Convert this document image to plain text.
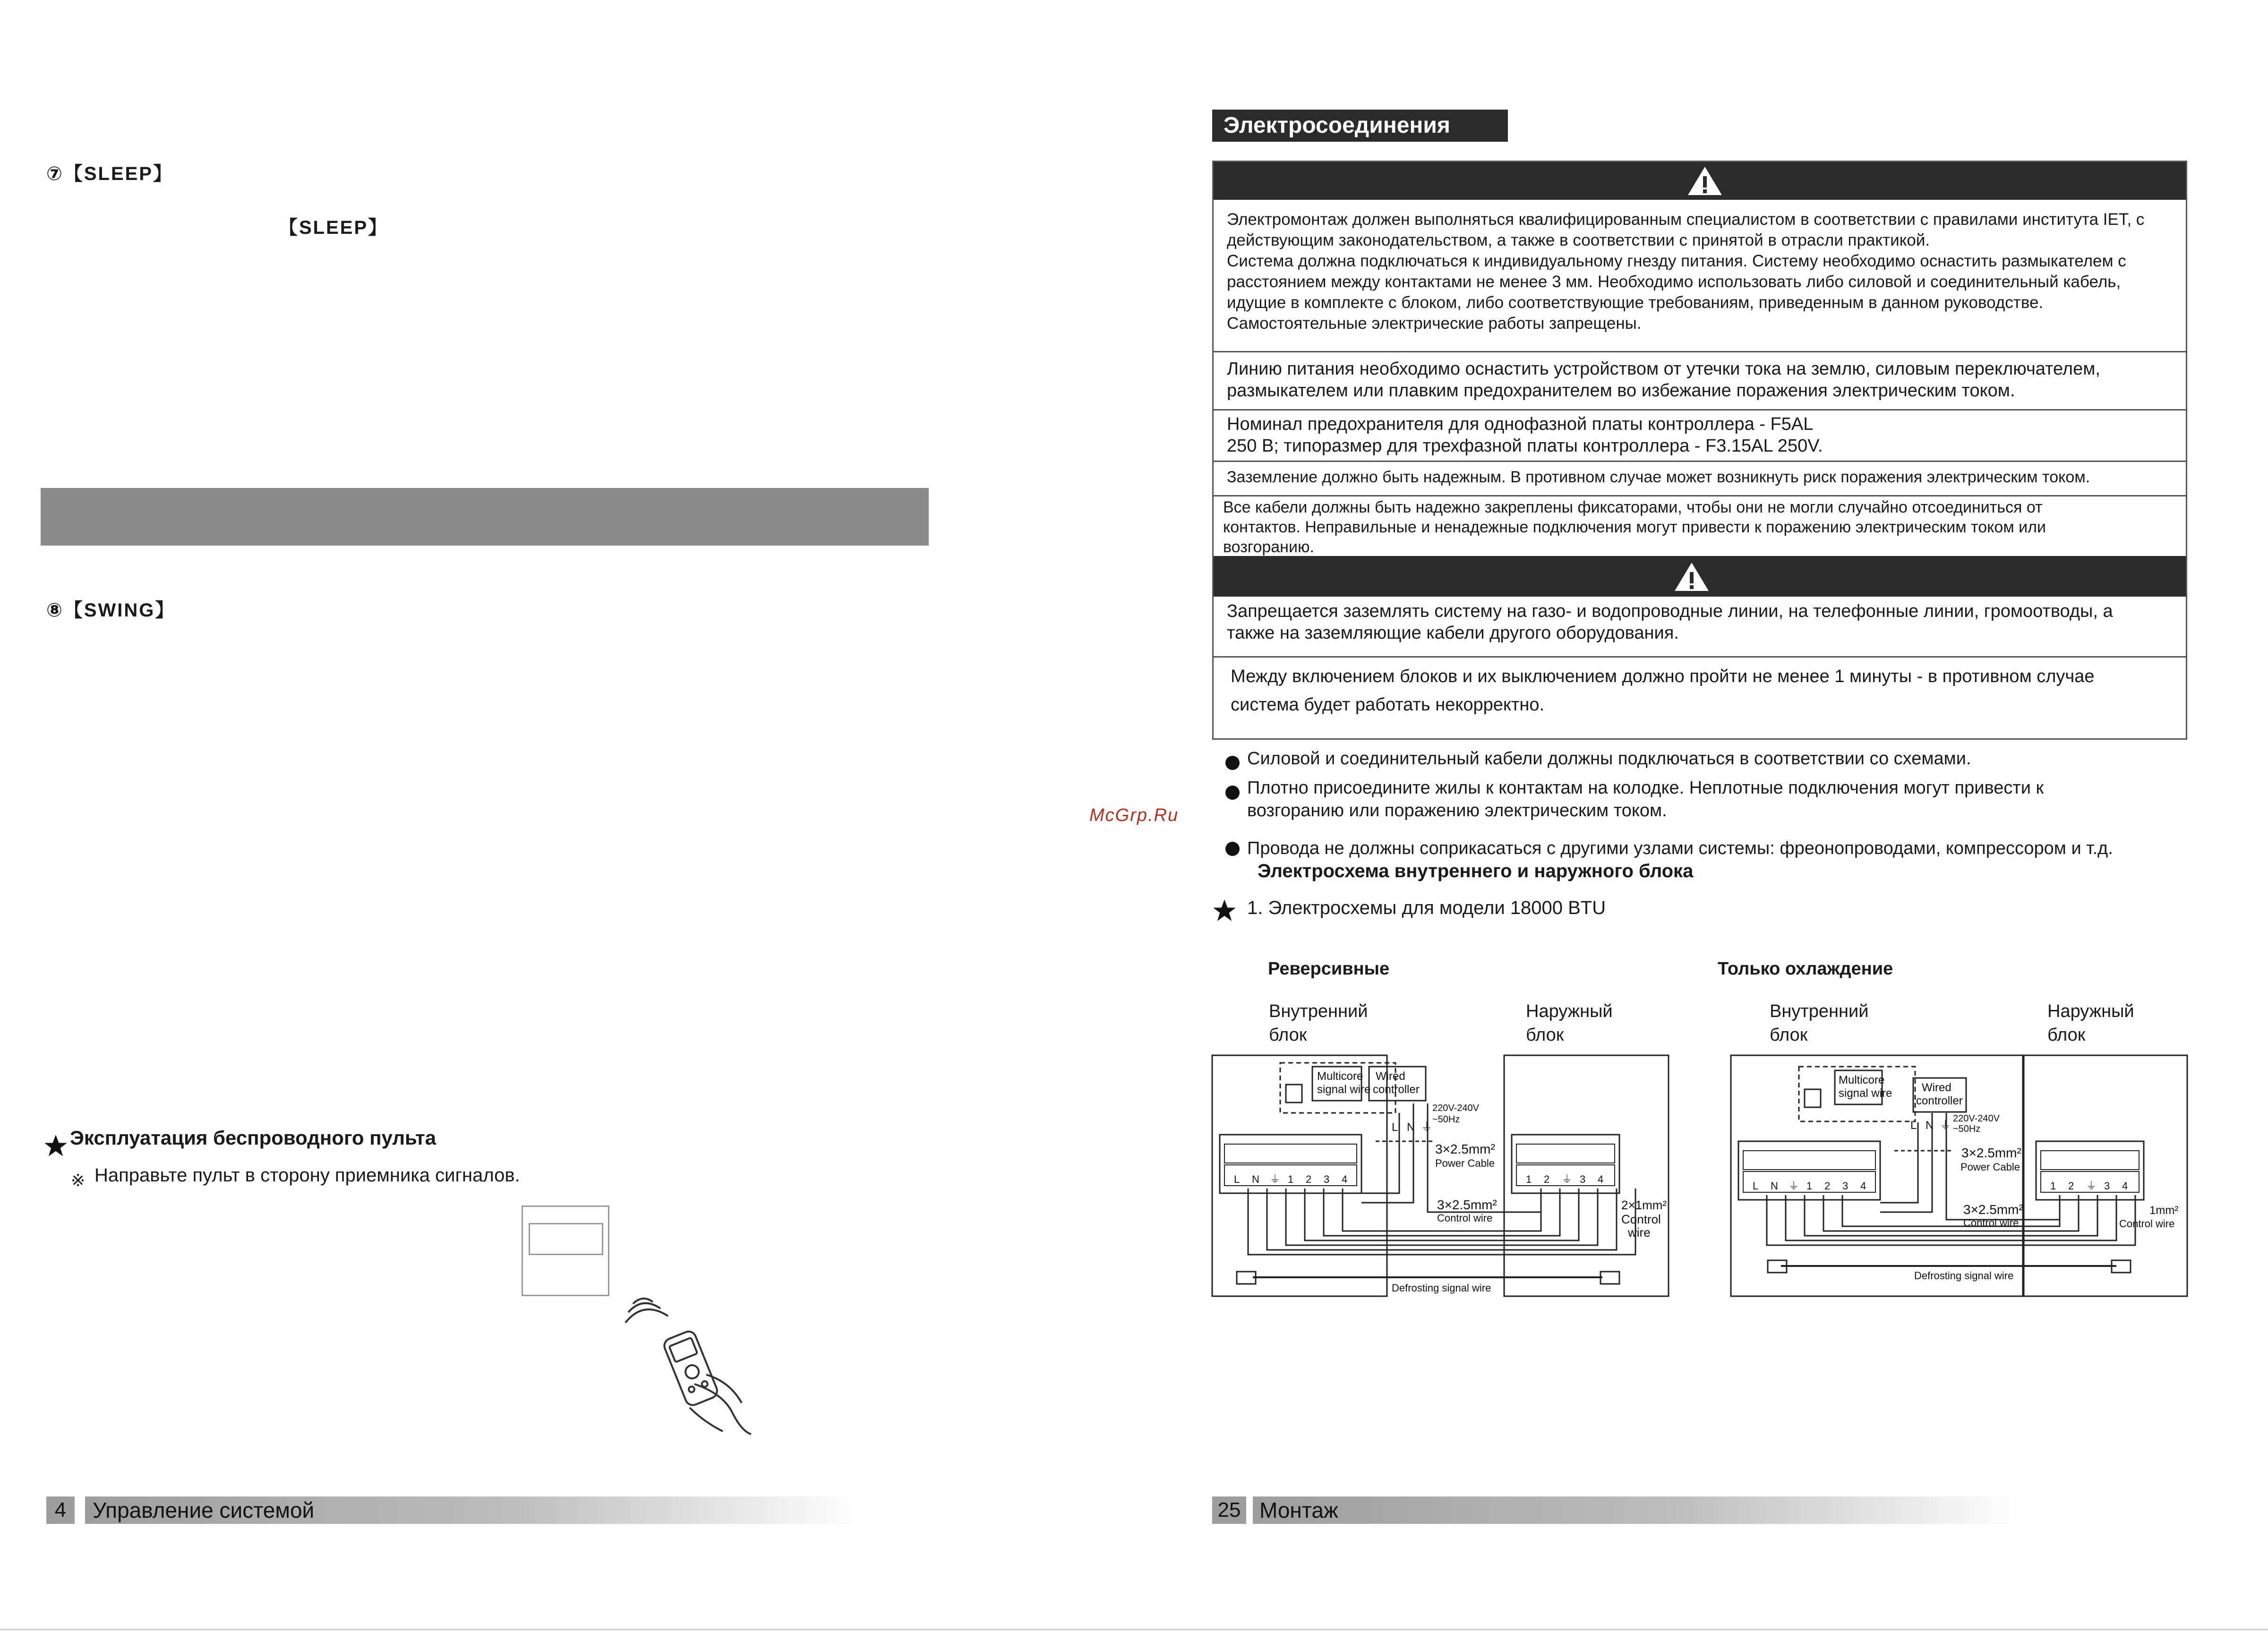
⑦【SLEEP】
【SLEEP】
⑧【SWING】
Эксплуатация беспроводного пульта
※ Направьте пульт в сторону приемника сигналов.
4	Управление системой
McGrp.Ru
Электросоединения
Электромонтаж должен выполняться квалифицированным специалистом в соответствии с правилами института IET, с
действующим законодательством, а также в соответствии с принятой в отрасли практикой.
Система должна подключаться к индивидуальному гнезду питания. Систему необходимо оснастить размыкателем с
расстоянием между контактами не менее 3 мм. Необходимо использовать либо силовой и соединительный кабель,
идущие в комплекте с блоком, либо соответствующие требованиям, приведенным в данном руководстве.
Самостоятельные электрические работы запрещены.
Линию питания необходимо оснастить устройством от утечки тока на землю, силовым переключателем,
размыкателем или плавким предохранителем во избежание поражения электрическим током.
Номинал предохранителя для однофазной платы контроллера - F5AL
250 В; типоразмер для трехфазной платы контроллера - F3.15AL 250V.
Заземление должно быть надежным. В противном случае может возникнуть риск поражения электрическим током.
Все кабели должны быть надежно закреплены фиксаторами, чтобы они не могли случайно отсоединиться от
контактов. Неправильные и ненадежные подключения могут привести к поражению электрическим током или
возгоранию.
Запрещается заземлять систему на газо- и водопроводные линии, на телефонные линии, громоотводы, а
также на заземляющие кабели другого оборудования.
Между включением блоков и их выключением должно пройти не менее 1 минуты - в противном случае
система будет работать некорректно.
Силовой и соединительный кабели должны подключаться в соответствии со схемами.
Плотно присоедините жилы к контактам на колодке. Неплотные подключения могут привести к
возгоранию или поражению электрическим током.
Провода не должны соприкасаться с другими узлами системы: фреонопроводами, компрессором и т.д.
Электросхема внутреннего и наружного блока
1. Электросхемы для модели 18000 BTU
Реверсивные
Внутренний
блок
Наружный
блок
Multicore
signal wire
Wired
controller
220V-240V
~50Hz
L N ⏚
3×2.5mm²
Power Cable
3×2.5mm²
Control wire
2×1mm²
Control
wire
Defrosting signal wire
L N ⏚ 1 2 3 4	1 2 ⏚ 3 4
Только охлаждение
Внутренний
блок
Наружный
блок
Multicore
signal wire	Wired
controller
220V-240V
~50Hz
L N ⏚
3×2.5mm²
Power Cable
3×2.5mm²
Control wire
1mm²
Control wire
Defrosting signal wire
L N ⏚ 1 2 3 4	1 2 ⏚ 3 4
25 Монтаж
